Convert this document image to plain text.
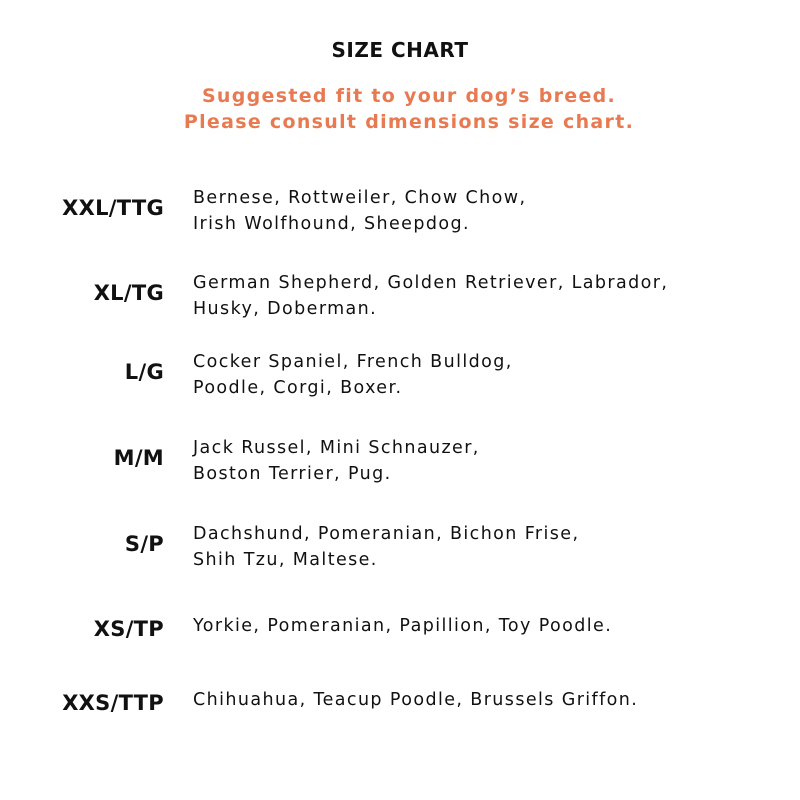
SIZE CHART
Suggested fit to your dog’s breed.
Please consult dimensions size chart.
XXL/TTG Bernese, Rottweiler, Chow Chow,
Irish Wolfhound, Sheepdog.
XL/TG German Shepherd, Golden Retriever, Labrador,
Husky, Doberman.
L/G Cocker Spaniel, French Bulldog,
Poodle, Corgi, Boxer.
M/M Jack Russel, Mini Schnauzer,
Boston Terrier, Pug.
S/P Dachshund, Pomeranian, Bichon Frise,
Shih Tzu, Maltese.
XS/TP Yorkie, Pomeranian, Papillion, Toy Poodle.
XXS/TTP Chihuahua, Teacup Poodle, Brussels Griffon.
